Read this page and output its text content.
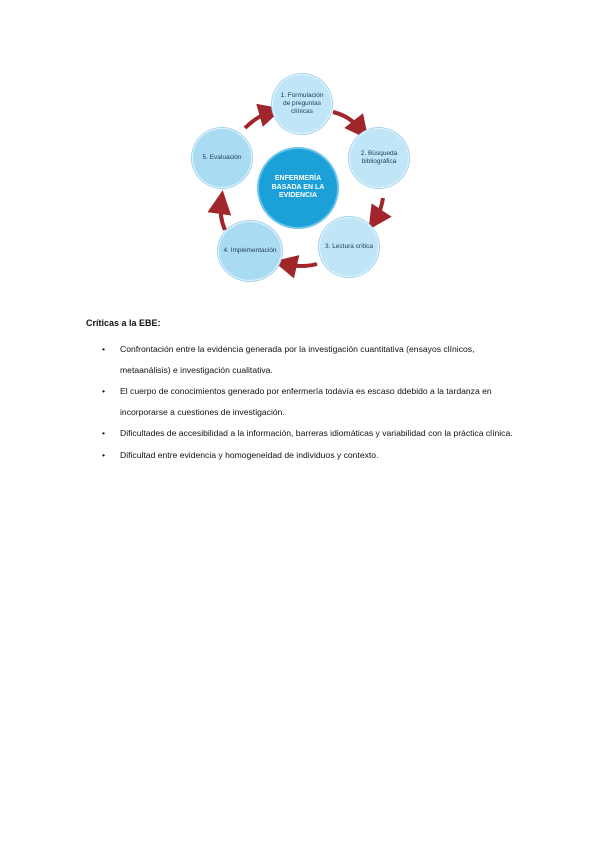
ENFERMERÍA BASADA EN LA EVIDENCIA
1. Formulación de preguntas clínicas
2. Búsqueda bibliográfica
3. Lectura crítica
4. Implementación
5. Evaluación

Críticas a la EBE:

• Confrontación entre la evidencia generada por la investigación cuantitativa (ensayos clínicos, metaanálisis) e investigación cualitativa.
• El cuerpo de conocimientos generado por enfermería todavía es escaso ddebido a la tardanza en incorporarse a cuestiones de investigación.
• Dificultades de accesibilidad a la información, barreras idiomáticas y variabilidad con la práctica clínica.
• Dificultad entre evidencia y homogeneidad de individuos y contexto.
